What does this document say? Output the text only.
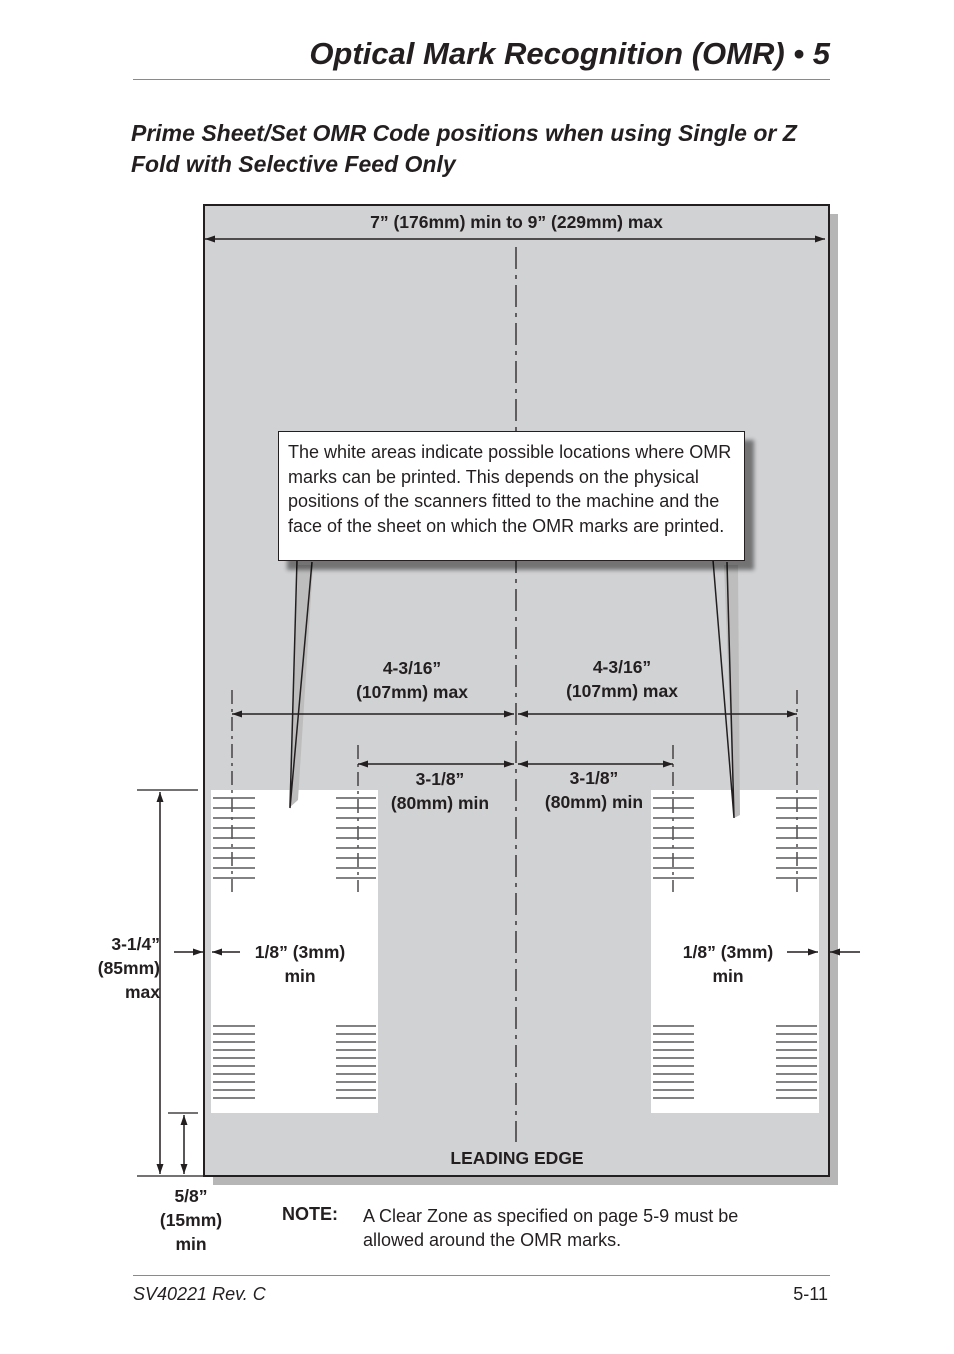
Optical Mark Recognition (OMR) • 5
Prime Sheet/Set OMR Code positions when using Single or Z Fold with Selective Feed Only
The white areas indicate possible locations where OMR marks can be printed. This depends on the physical positions of the scanners fitted to the machine and the face of the sheet on which the OMR marks are printed.
7” (176mm) min to 9” (229mm) max
4-3/16”
(107mm) max
4-3/16”
(107mm) max
3-1/8”
(80mm) min
3-1/8”
(80mm) min
1/8” (3mm)
min
1/8” (3mm)
min
3-1/4”
(85mm)
max
5/8”
(15mm)
min
LEADING EDGE
NOTE: A Clear Zone as specified on page 5-9 must be allowed around the OMR marks.
SV40221 Rev. C	5-11
